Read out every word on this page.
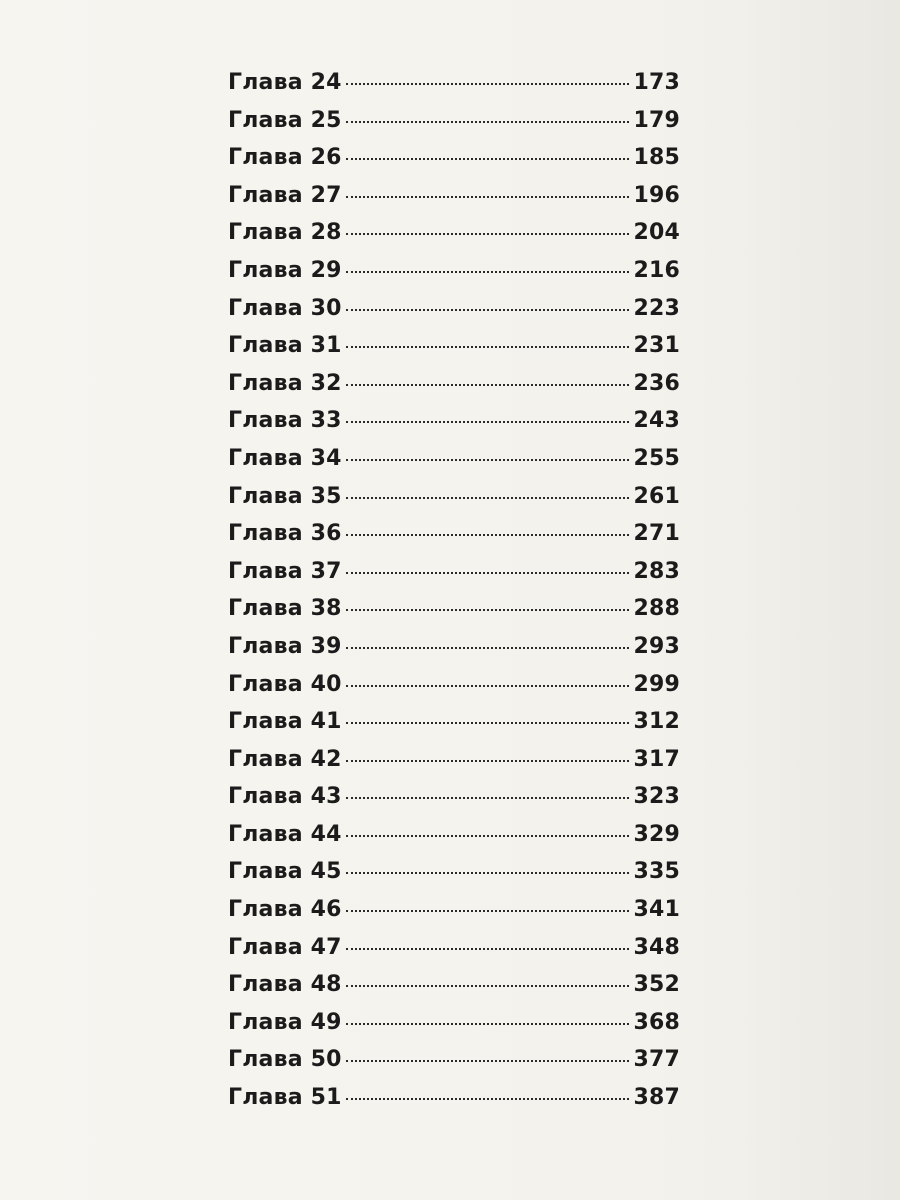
Глава 24	173
Глава 25	179
Глава 26	185
Глава 27	196
Глава 28	204
Глава 29	216
Глава 30	223
Глава 31	231
Глава 32	236
Глава 33	243
Глава 34	255
Глава 35	261
Глава 36	271
Глава 37	283
Глава 38	288
Глава 39	293
Глава 40	299
Глава 41	312
Глава 42	317
Глава 43	323
Глава 44	329
Глава 45	335
Глава 46	341
Глава 47	348
Глава 48	352
Глава 49	368
Глава 50	377
Глава 51	387
